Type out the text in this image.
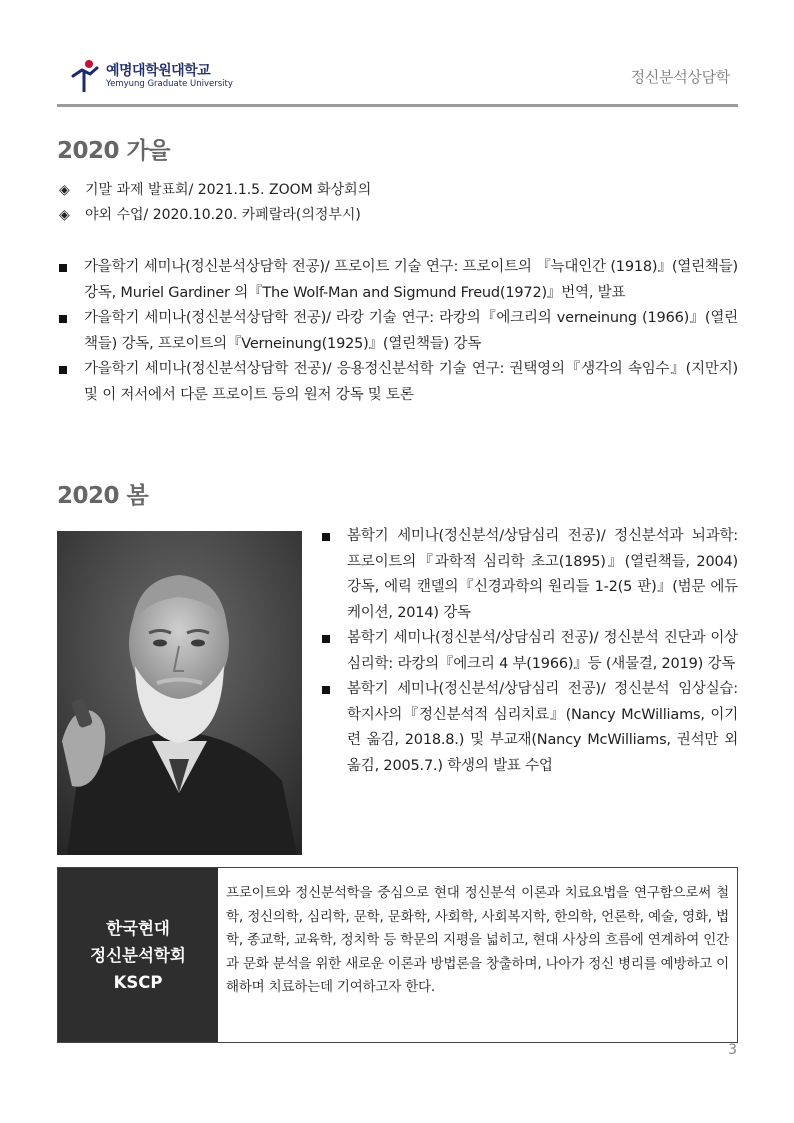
예명대학원대학교
Yemyung Graduate University	정신분석상담학
2020 가을
◈ 기말 과제 발표회/ 2021.1.5. ZOOM 화상회의
◈ 야외 수업/ 2020.10.20. 카페랄라(의정부시)
가을학기 세미나(정신분석상담학 전공)/ 프로이트 기술 연구: 프로이트의 『늑대인간 (1918)』(열린책들) 강독, Muriel Gardiner 의『The Wolf-Man and Sigmund Freud(1972)』번역, 발표
가을학기 세미나(정신분석상담학 전공)/ 라캉 기술 연구: 라캉의『에크리의 verneinung (1966)』(열린책들) 강독, 프로이트의『Verneinung(1925)』(열린책들) 강독
가을학기 세미나(정신분석상담학 전공)/ 응용정신분석학 기술 연구: 권택영의『생각의 속임수』(지만지) 및 이 저서에서 다룬 프로이트 등의 원저 강독 및 토론
2020 봄
봄학기 세미나(정신분석/상담심리 전공)/ 정신분석과 뇌과학: 프로이트의『과학적 심리학 초고(1895)』(열린책들, 2004) 강독, 에릭 캔델의『신경과학의 원리들 1-2(5 판)』(범문 에듀케이션, 2014) 강독
봄학기 세미나(정신분석/상담심리 전공)/ 정신분석 진단과 이상심리학: 라캉의『에크리 4 부(1966)』등 (새물결, 2019) 강독
봄학기 세미나(정신분석/상담심리 전공)/ 정신분석 임상실습: 학지사의『정신분석적 심리치료』(Nancy McWilliams, 이기련 옮김, 2018.8.) 및 부교재(Nancy McWilliams, 권석만 외 옮김, 2005.7.) 학생의 발표 수업
한국현대
정신분석학회
KSCP
프로이트와 정신분석학을 중심으로 현대 정신분석 이론과 치료요법을 연구함으로써 철학, 정신의학, 심리학, 문학, 문화학, 사회학, 사회복지학, 한의학, 언론학, 예술, 영화, 법학, 종교학, 교육학, 정치학 등 학문의 지평을 넓히고, 현대 사상의 흐름에 연계하여 인간과 문화 분석을 위한 새로운 이론과 방법론을 창출하며, 나아가 정신 병리를 예방하고 이해하며 치료하는데 기여하고자 한다.
3
